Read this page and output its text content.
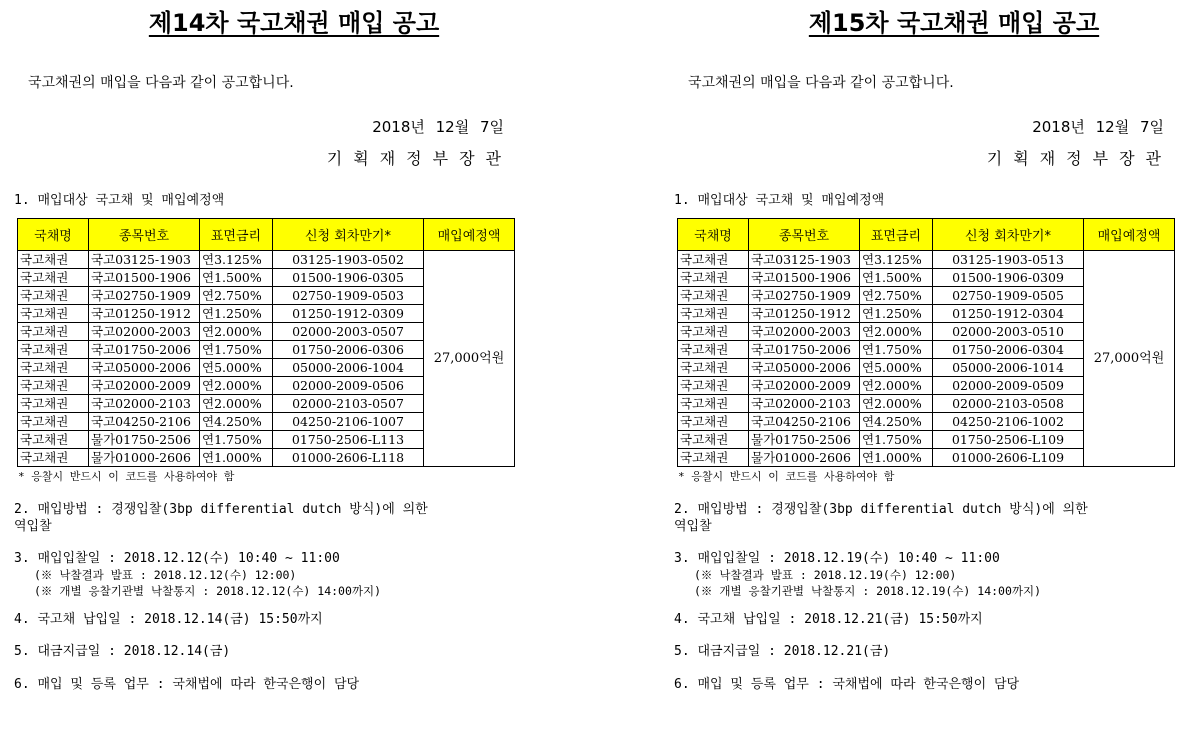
제14차 국고채권 매입 공고
국고채권의 매입을 다음과 같이 공고합니다.
2018년 12월 7일
기획재정부장관
1. 매입대상 국고채 및 매입예정액
국채명	종목번호	표면금리	신청 회차만기*	매입예정액
국고채권	국고03125-1903	연3.125%	03125-1903-0502	27,000억원
국고채권	국고01500-1906	연1.500%	01500-1906-0305	
국고채권	국고02750-1909	연2.750%	02750-1909-0503	
국고채권	국고01250-1912	연1.250%	01250-1912-0309	
국고채권	국고02000-2003	연2.000%	02000-2003-0507	
국고채권	국고01750-2006	연1.750%	01750-2006-0306	
국고채권	국고05000-2006	연5.000%	05000-2006-1004	
국고채권	국고02000-2009	연2.000%	02000-2009-0506	
국고채권	국고02000-2103	연2.000%	02000-2103-0507	
국고채권	국고04250-2106	연4.250%	04250-2106-1007	
국고채권	물가01750-2506	연1.750%	01750-2506-L113	
국고채권	물가01000-2606	연1.000%	01000-2606-L118	
* 응찰시 반드시 이 코드를 사용하여야 함
2. 매입방법 : 경쟁입찰(3bp differential dutch 방식)에 의한
역입찰
3. 매입입찰일 : 2018.12.12(수) 10:40 ~ 11:00
(※ 낙찰결과 발표 : 2018.12.12(수) 12:00)
(※ 개별 응찰기관별 낙찰통지 : 2018.12.12(수) 14:00까지)
4. 국고채 납입일 : 2018.12.14(금) 15:50까지
5. 대금지급일 : 2018.12.14(금)
6. 매입 및 등록 업무 : 국채법에 따라 한국은행이 담당
제15차 국고채권 매입 공고
국고채권의 매입을 다음과 같이 공고합니다.
2018년 12월 7일
기획재정부장관
1. 매입대상 국고채 및 매입예정액
국채명	종목번호	표면금리	신청 회차만기*	매입예정액
국고채권	국고03125-1903	연3.125%	03125-1903-0513	27,000억원
국고채권	국고01500-1906	연1.500%	01500-1906-0309	
국고채권	국고02750-1909	연2.750%	02750-1909-0505	
국고채권	국고01250-1912	연1.250%	01250-1912-0304	
국고채권	국고02000-2003	연2.000%	02000-2003-0510	
국고채권	국고01750-2006	연1.750%	01750-2006-0304	
국고채권	국고05000-2006	연5.000%	05000-2006-1014	
국고채권	국고02000-2009	연2.000%	02000-2009-0509	
국고채권	국고02000-2103	연2.000%	02000-2103-0508	
국고채권	국고04250-2106	연4.250%	04250-2106-1002	
국고채권	물가01750-2506	연1.750%	01750-2506-L109	
국고채권	물가01000-2606	연1.000%	01000-2606-L109	
* 응찰시 반드시 이 코드를 사용하여야 함
2. 매입방법 : 경쟁입찰(3bp differential dutch 방식)에 의한
역입찰
3. 매입입찰일 : 2018.12.19(수) 10:40 ~ 11:00
(※ 낙찰결과 발표 : 2018.12.19(수) 12:00)
(※ 개별 응찰기관별 낙찰통지 : 2018.12.19(수) 14:00까지)
4. 국고채 납입일 : 2018.12.21(금) 15:50까지
5. 대금지급일 : 2018.12.21(금)
6. 매입 및 등록 업무 : 국채법에 따라 한국은행이 담당
